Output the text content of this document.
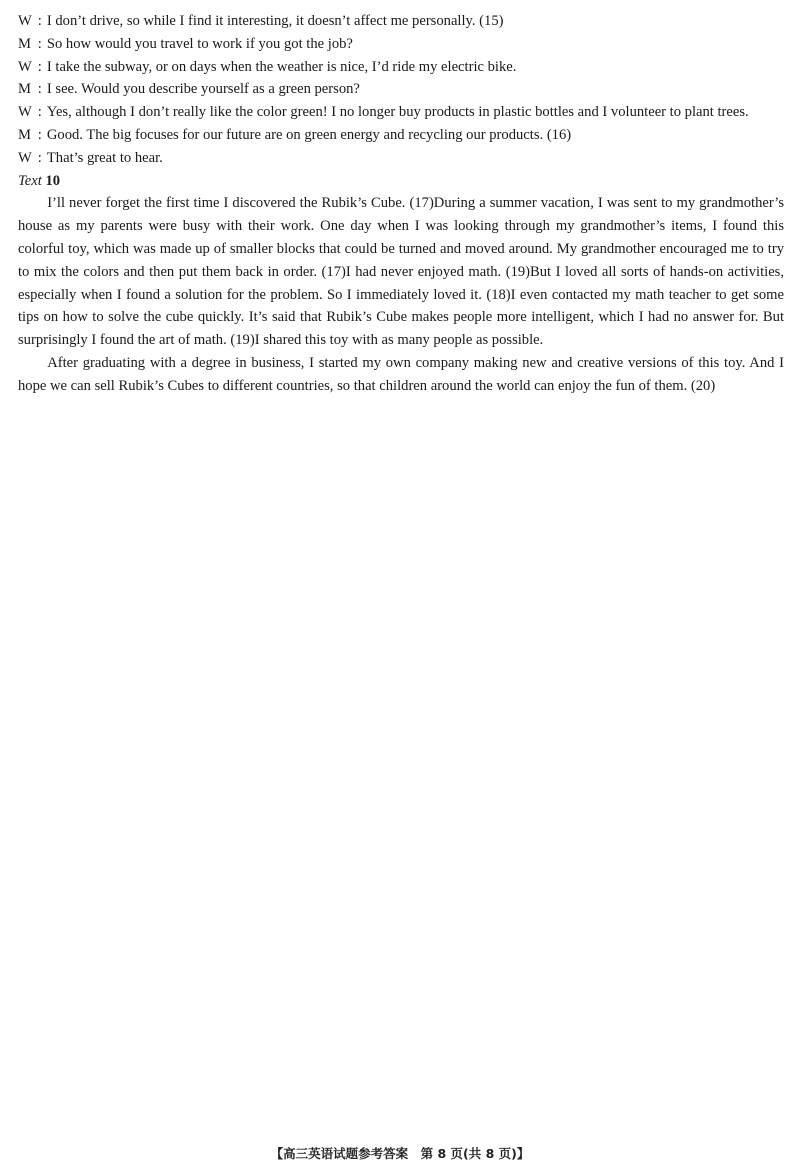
W : I don’t drive, so while I find it interesting, it doesn’t affect me personally. (15)

M : So how would you travel to work if you got the job?

W : I take the subway, or on days when the weather is nice, I’d ride my electric bike.

M : I see. Would you describe yourself as a green person?

W : Yes, although I don’t really like the color green! I no longer buy products in plastic bottles and I volunteer to plant trees.

M : Good. The big focuses for our future are on green energy and recycling our products. (16)

W : That’s great to hear.

Text 10

I’ll never forget the first time I discovered the Rubik’s Cube. (17)During a summer vacation, I was sent to my grandmother’s house as my parents were busy with their work. One day when I was looking through my grandmother’s items, I found this colorful toy, which was made up of smaller blocks that could be turned and moved around. My grandmother encouraged me to try to mix the colors and then put them back in order. (17)I had never enjoyed math. (19)But I loved all sorts of hands-on activities, especially when I found a solution for the problem. So I immediately loved it. (18)I even contacted my math teacher to get some tips on how to solve the cube quickly. It’s said that Rubik’s Cube makes people more intelligent, which I had no answer for. But surprisingly I found the art of math. (19)I shared this toy with as many people as possible.

After graduating with a degree in business, I started my own company making new and creative versions of this toy. And I hope we can sell Rubik’s Cubes to different countries, so that children around the world can enjoy the fun of them. (20)

【高三英语试题参考答案　第 8 页(共 8 页)】
